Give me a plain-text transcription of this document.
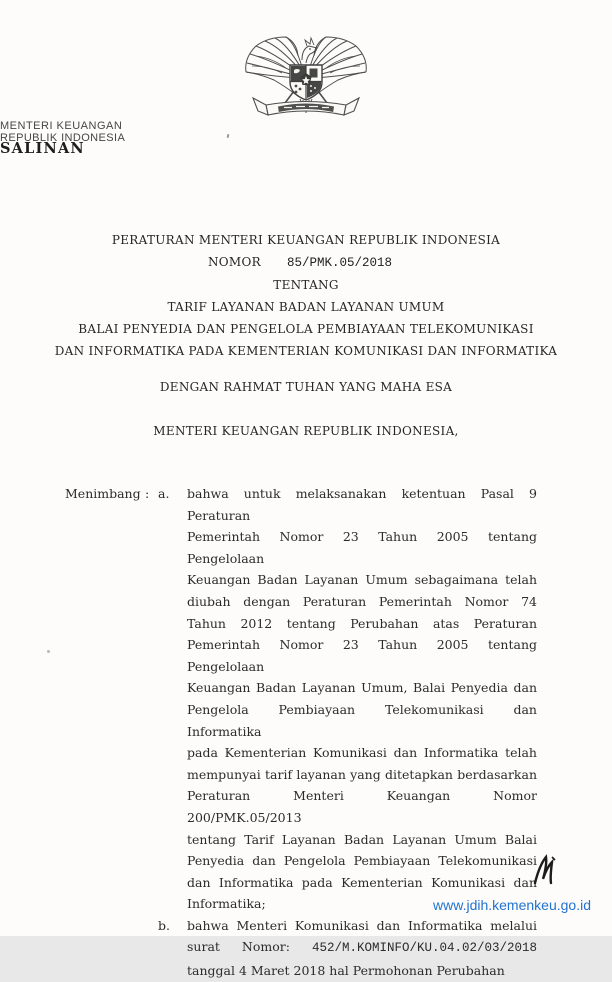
MENTERI KEUANGAN
REPUBLIK INDONESIA
SALINAN
PERATURAN MENTERI KEUANGAN REPUBLIK INDONESIA
NOMOR 85/PMK.05/2018
TENTANG
TARIF LAYANAN BADAN LAYANAN UMUM
BALAI PENYEDIA DAN PENGELOLA PEMBIAYAAN TELEKOMUNIKASI
DAN INFORMATIKA PADA KEMENTERIAN KOMUNIKASI DAN INFORMATIKA
DENGAN RAHMAT TUHAN YANG MAHA ESA
MENTERI KEUANGAN REPUBLIK INDONESIA,
Menimbang : a.	bahwa untuk melaksanakan ketentuan Pasal 9 Peraturan
Pemerintah Nomor 23 Tahun 2005 tentang Pengelolaan
Keuangan Badan Layanan Umum sebagaimana telah
diubah dengan Peraturan Pemerintah Nomor 74
Tahun 2012 tentang Perubahan atas Peraturan
Pemerintah Nomor 23 Tahun 2005 tentang Pengelolaan
Keuangan Badan Layanan Umum, Balai Penyedia dan
Pengelola Pembiayaan Telekomunikasi dan Informatika
pada Kementerian Komunikasi dan Informatika telah
mempunyai tarif layanan yang ditetapkan berdasarkan
Peraturan Menteri Keuangan Nomor 200/PMK.05/2013
tentang Tarif Layanan Badan Layanan Umum Balai
Penyedia dan Pengelola Pembiayaan Telekomunikasi
dan Informatika pada Kementerian Komunikasi dan
Informatika;
b.	bahwa Menteri Komunikasi dan Informatika melalui
surat Nomor: 452/M.KOMINFO/KU.04.02/03/2018
tanggal 4 Maret 2018 hal Permohonan Perubahan
www.jdih.kemenkeu.go.id
